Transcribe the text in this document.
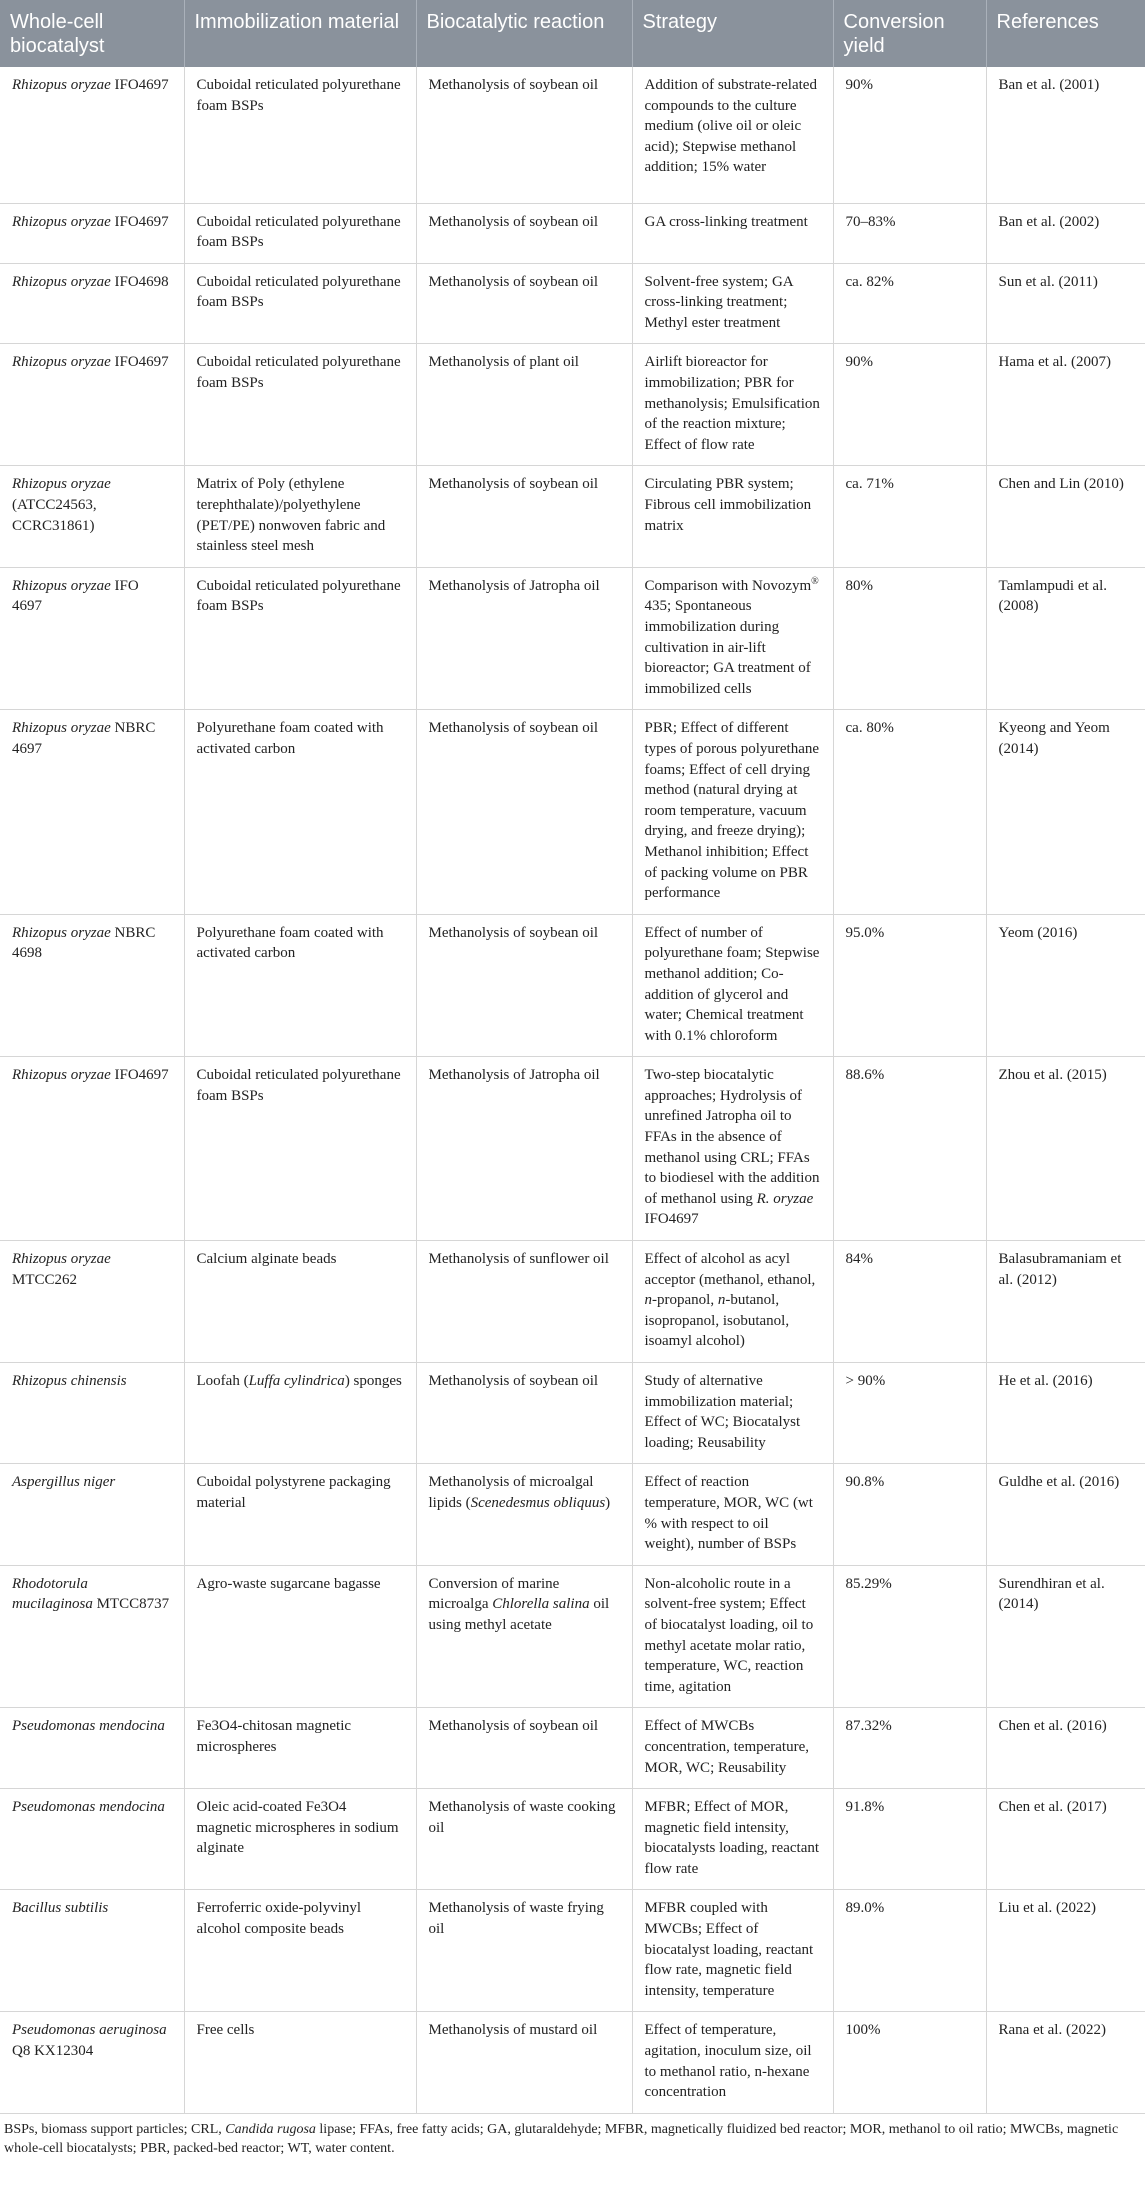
Whole-cell biocatalyst	Immobilization material	Biocatalytic reaction	Strategy	Conversion yield	References
Rhizopus oryzae IFO4697	Cuboidal reticulated polyurethane foam BSPs	Methanolysis of soybean oil	Addition of substrate-related compounds to the culture medium (olive oil or oleic acid); Stepwise methanol addition; 15% water	90%	Ban et al. (2001)
Rhizopus oryzae IFO4697	Cuboidal reticulated polyurethane foam BSPs	Methanolysis of soybean oil	GA cross-linking treatment	70–83%	Ban et al. (2002)
Rhizopus oryzae IFO4698	Cuboidal reticulated polyurethane foam BSPs	Methanolysis of soybean oil	Solvent-free system; GA cross-linking treatment; Methyl ester treatment	ca. 82%	Sun et al. (2011)
Rhizopus oryzae IFO4697	Cuboidal reticulated polyurethane foam BSPs	Methanolysis of plant oil	Airlift bioreactor for immobilization; PBR for methanolysis; Emulsification of the reaction mixture; Effect of flow rate	90%	Hama et al. (2007)
Rhizopus oryzae (ATCC24563, CCRC31861)	Matrix of Poly (ethylene terephthalate)/polyethylene (PET/PE) nonwoven fabric and stainless steel mesh	Methanolysis of soybean oil	Circulating PBR system; Fibrous cell immobilization matrix	ca. 71%	Chen and Lin (2010)
Rhizopus oryzae IFO 4697	Cuboidal reticulated polyurethane foam BSPs	Methanolysis of Jatropha oil	Comparison with Novozym® 435; Spontaneous immobilization during cultivation in air-lift bioreactor; GA treatment of immobilized cells	80%	Tamlampudi et al. (2008)
Rhizopus oryzae NBRC 4697	Polyurethane foam coated with activated carbon	Methanolysis of soybean oil	PBR; Effect of different types of porous polyurethane foams; Effect of cell drying method (natural drying at room temperature, vacuum drying, and freeze drying); Methanol inhibition; Effect of packing volume on PBR performance	ca. 80%	Kyeong and Yeom (2014)
Rhizopus oryzae NBRC 4698	Polyurethane foam coated with activated carbon	Methanolysis of soybean oil	Effect of number of polyurethane foam; Stepwise methanol addition; Co-addition of glycerol and water; Chemical treatment with 0.1% chloroform	95.0%	Yeom (2016)
Rhizopus oryzae IFO4697	Cuboidal reticulated polyurethane foam BSPs	Methanolysis of Jatropha oil	Two-step biocatalytic approaches; Hydrolysis of unrefined Jatropha oil to FFAs in the absence of methanol using CRL; FFAs to biodiesel with the addition of methanol using R. oryzae IFO4697	88.6%	Zhou et al. (2015)
Rhizopus oryzae MTCC262	Calcium alginate beads	Methanolysis of sunflower oil	Effect of alcohol as acyl acceptor (methanol, ethanol, n-propanol, n-butanol, isopropanol, isobutanol, isoamyl alcohol)	84%	Balasubramaniam et al. (2012)
Rhizopus chinensis	Loofah (Luffa cylindrica) sponges	Methanolysis of soybean oil	Study of alternative immobilization material; Effect of WC; Biocatalyst loading; Reusability	> 90%	He et al. (2016)
Aspergillus niger	Cuboidal polystyrene packaging material	Methanolysis of microalgal lipids (Scenedesmus obliquus)	Effect of reaction temperature, MOR, WC (wt % with respect to oil weight), number of BSPs	90.8%	Guldhe et al. (2016)
Rhodotorula mucilaginosa MTCC8737	Agro-waste sugarcane bagasse	Conversion of marine microalga Chlorella salina oil using methyl acetate	Non-alcoholic route in a solvent-free system; Effect of biocatalyst loading, oil to methyl acetate molar ratio, temperature, WC, reaction time, agitation	85.29%	Surendhiran et al. (2014)
Pseudomonas mendocina	Fe3O4-chitosan magnetic microspheres	Methanolysis of soybean oil	Effect of MWCBs concentration, temperature, MOR, WC; Reusability	87.32%	Chen et al. (2016)
Pseudomonas mendocina	Oleic acid-coated Fe3O4 magnetic microspheres in sodium alginate	Methanolysis of waste cooking oil	MFBR; Effect of MOR, magnetic field intensity, biocatalysts loading, reactant flow rate	91.8%	Chen et al. (2017)
Bacillus subtilis	Ferroferric oxide-polyvinyl alcohol composite beads	Methanolysis of waste frying oil	MFBR coupled with MWCBs; Effect of biocatalyst loading, reactant flow rate, magnetic field intensity, temperature	89.0%	Liu et al. (2022)
Pseudomonas aeruginosa Q8 KX12304	Free cells	Methanolysis of mustard oil	Effect of temperature, agitation, inoculum size, oil to methanol ratio, n-hexane concentration	100%	Rana et al. (2022)
BSPs, biomass support particles; CRL, Candida rugosa lipase; FFAs, free fatty acids; GA, glutaraldehyde; MFBR, magnetically fluidized bed reactor; MOR, methanol to oil ratio; MWCBs, magnetic whole-cell biocatalysts; PBR, packed-bed reactor; WT, water content.
